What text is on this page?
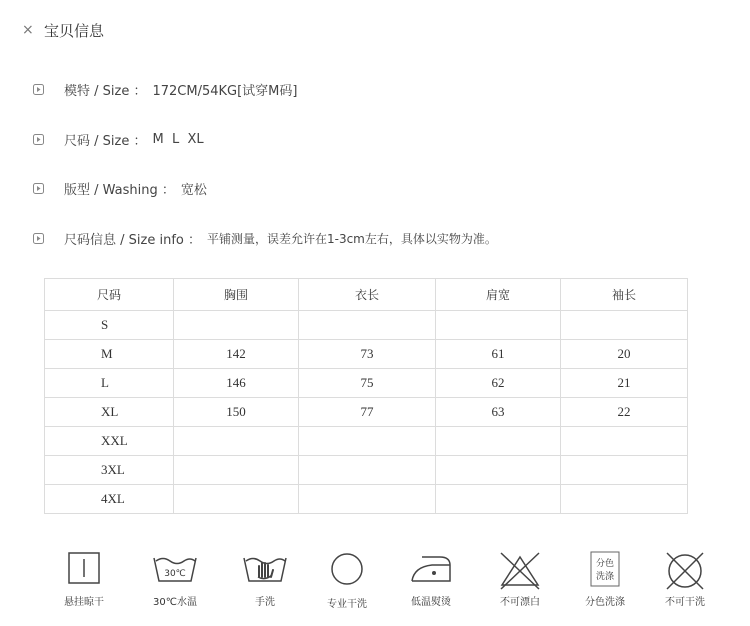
× 宝贝信息
模特 / Size ： 172CM/54KG[试穿M码]
尺码 / Size ： M  L  XL
版型 / Washing ： 宽松
尺码信息 / Size info ： 平铺测量，误差允许在1-3cm左右，具体以实物为准。
尺码	胸围	衣长	肩宽	袖长
S				
M	142	73	61	20
L	146	75	62	21
XL	150	77	63	22
XXL				
3XL				
4XL				
悬挂晾干
30℃
30℃水温	手洗	专业干洗	低温熨烫	不可漂白
分色
洗涤
分色洗涤	不可干洗
